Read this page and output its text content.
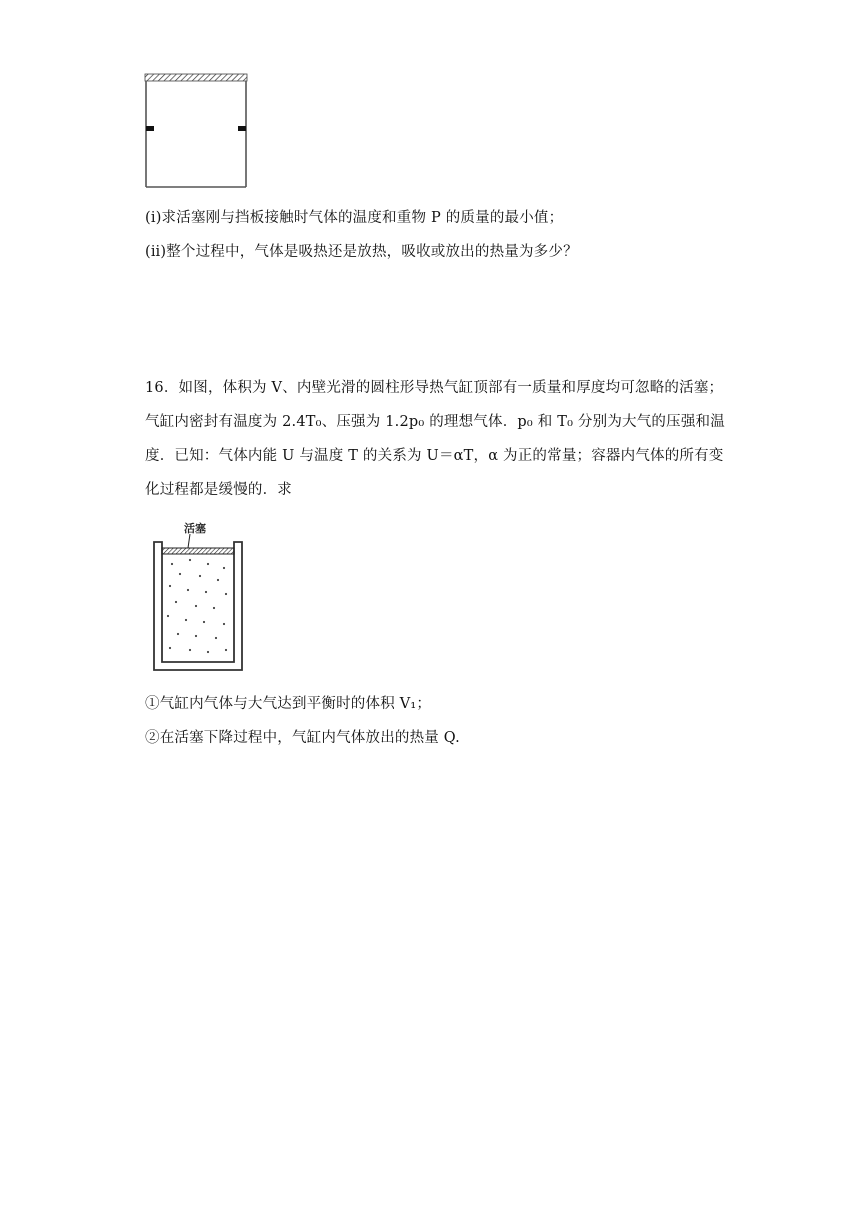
(ⅰ)求活塞刚与挡板接触时气体的温度和重物 P 的质量的最小值；
(ⅱ)整个过程中，气体是吸热还是放热，吸收或放出的热量为多少？
16．如图，体积为 V、内壁光滑的圆柱形导热气缸顶部有一质量和厚度均可忽略的活塞；
气缸内密封有温度为 2.4T₀、压强为 1.2p₀ 的理想气体．p₀ 和 T₀ 分别为大气的压强和温
度．已知：气体内能 U 与温度 T 的关系为 U＝αT，α 为正的常量；容器内气体的所有变
化过程都是缓慢的．求
活塞
①气缸内气体与大气达到平衡时的体积 V₁；
②在活塞下降过程中，气缸内气体放出的热量 Q.
